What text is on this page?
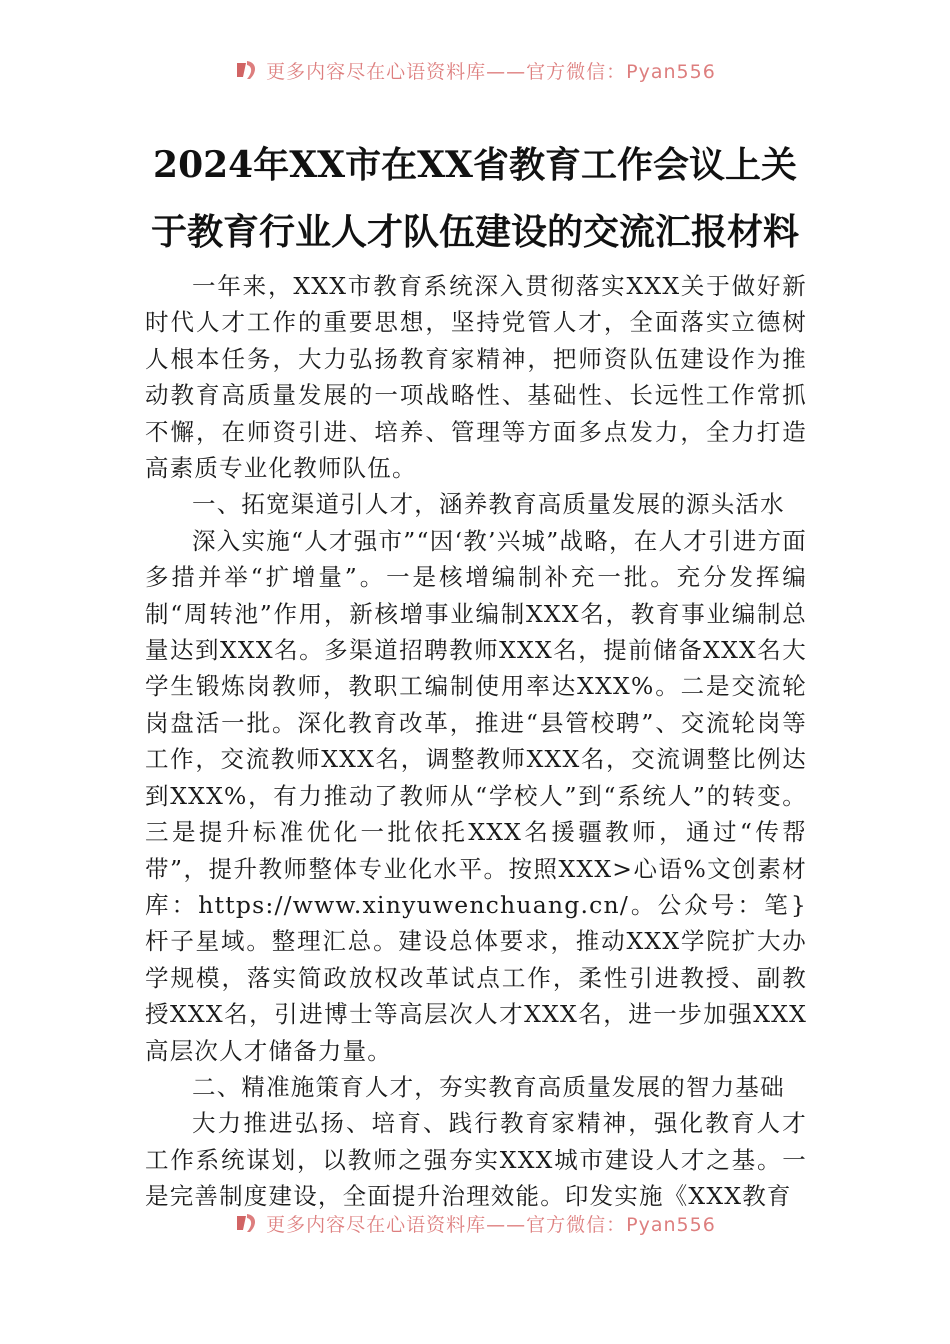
更多内容尽在心语资料库——官方微信：Pyan556
2024年XX市在XX省教育工作会议上关
于教育行业人才队伍建设的交流汇报材料

一年来，XXX市教育系统深入贯彻落实XXX关于做好新时代人才工作的重要思想，坚持党管人才，全面落实立德树人根本任务，大力弘扬教育家精神，把师资队伍建设作为推动教育高质量发展的一项战略性、基础性、长远性工作常抓不懈，在师资引进、培养、管理等方面多点发力，全力打造高素质专业化教师队伍。

一、拓宽渠道引人才，涵养教育高质量发展的源头活水

深入实施“人才强市”“因‘教’兴城”战略，在人才引进方面多措并举“扩增量”。一是核增编制补充一批。充分发挥编制“周转池”作用，新核增事业编制XXX名，教育事业编制总量达到XXX名。多渠道招聘教师XXX名，提前储备XXX名大学生锻炼岗教师，教职工编制使用率达XXX%。二是交流轮岗盘活一批。深化教育改革，推进“县管校聘”、交流轮岗等工作，交流教师XXX名，调整教师XXX名，交流调整比例达到XXX%，有力推动了教师从“学校人”到“系统人”的转变。三是提升标准优化一批依托XXX名援疆教师，通过“传帮带”，提升教师整体专业化水平。按照XXX>心语%文创素材库：https://www.xinyuwenchuang.cn/。公众号：笔}杆子星域。整理汇总。建设总体要求，推动XXX学院扩大办学规模，落实简政放权改革试点工作，柔性引进教授、副教授XXX名，引进博士等高层次人才XXX名，进一步加强XXX高层次人才储备力量。

二、精准施策育人才，夯实教育高质量发展的智力基础

大力推进弘扬、培育、践行教育家精神，强化教育人才工作系统谋划，以教师之强夯实XXX城市建设人才之基。一是完善制度建设，全面提升治理效能。印发实施《XXX教育

更多内容尽在心语资料库——官方微信：Pyan556
